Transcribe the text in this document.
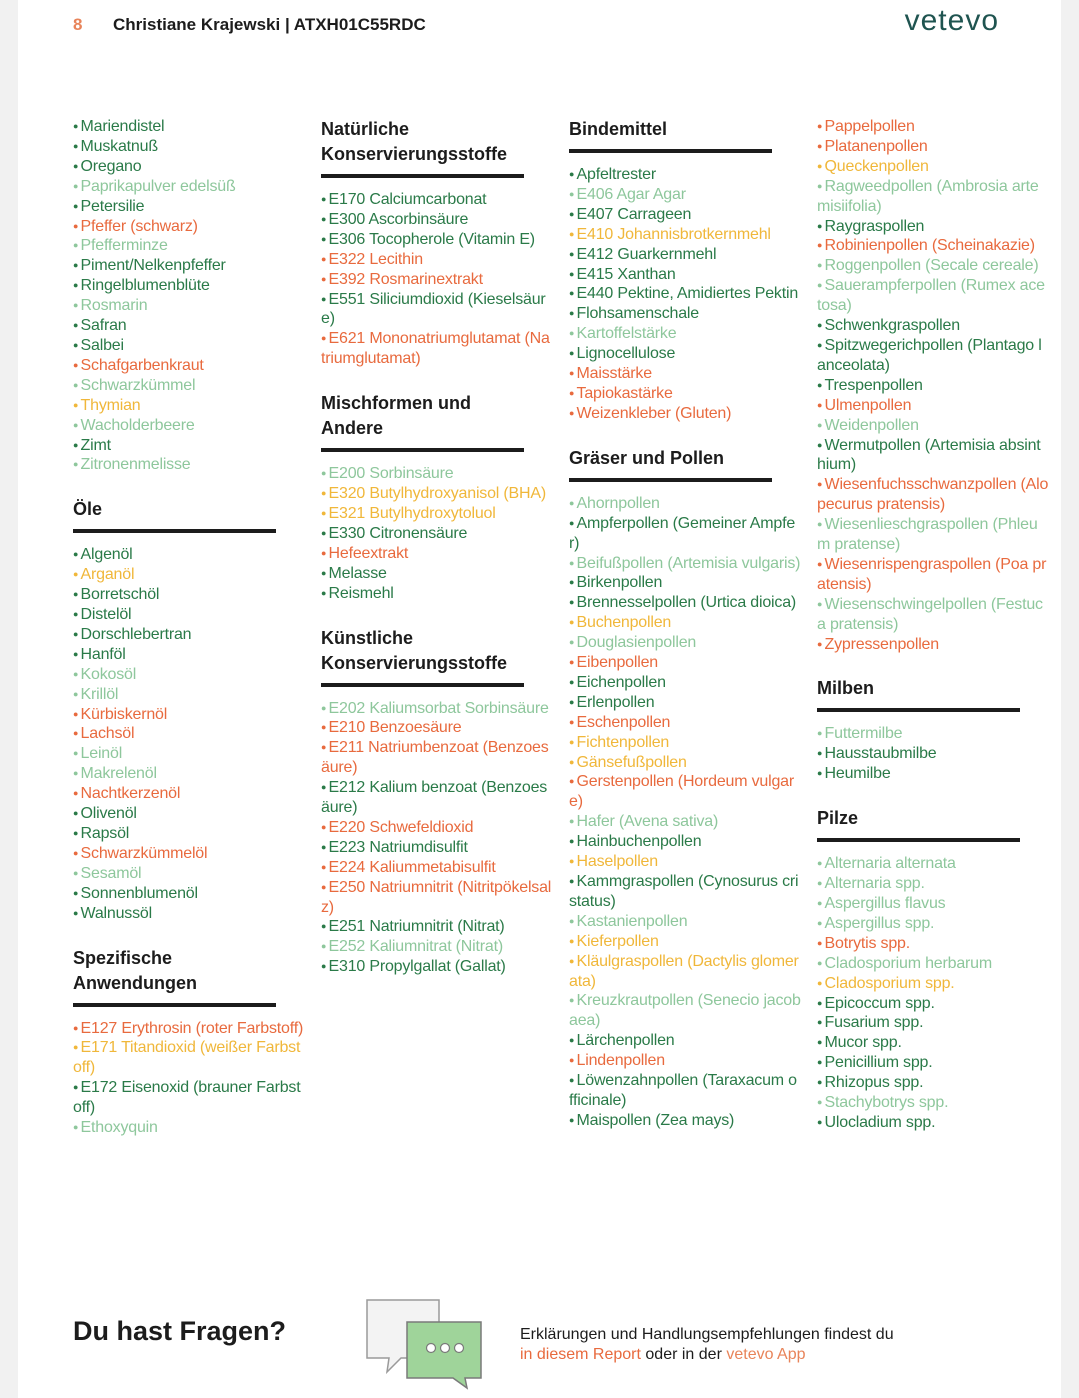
8 Christiane Krajewski | ATXH01C55RDC	vetevo
● Mariendistel
● Muskatnuß
● Oregano
● Paprikapulver edelsüß
● Petersilie
● Pfeffer (schwarz)
● Pfefferminze
● Piment/Nelkenpfeffer
● Ringelblumenblüte
● Rosmarin
● Safran
● Salbei
● Schafgarbenkraut
● Schwarzkümmel
● Thymian
● Wacholderbeere
● Zimt
● Zitronenmelisse
Öle
● Algenöl
● Arganöl
● Borretschöl
● Distelöl
● Dorschlebertran
● Hanföl
● Kokosöl
● Krillöl
● Kürbiskernöl
● Lachsöl
● Leinöl
● Makrelenöl
● Nachtkerzenöl
● Olivenöl
● Rapsöl
● Schwarzkümmelöl
● Sesamöl
● Sonnenblumenöl
● Walnussöl
Spezifische Anwendungen
● E127 Erythrosin (roter Farbstoff)
● E171 Titandioxid (weißer Farbstoff)
● E172 Eisenoxid (brauner Farbstoff)
● Ethoxyquin
Natürliche Konservierungsstoffe
● E170 Calciumcarbonat
● E300 Ascorbinsäure
● E306 Tocopherole (Vitamin E)
● E322 Lecithin
● E392 Rosmarinextrakt
● E551 Siliciumdioxid (Kieselsäure)
● E621 Mononatriumglutamat (Natriumglutamat)
Mischformen und Andere
● E200 Sorbinsäure
● E320 Butylhydroxyanisol (BHA)
● E321 Butylhydroxytoluol
● E330 Citronensäure
● Hefeextrakt
● Melasse
● Reismehl
Künstliche Konservierungsstoffe
● E202 Kaliumsorbat Sorbinsäure
● E210 Benzoesäure
● E211 Natriumbenzoat (Benzoesäure)
● E212 Kalium benzoat (Benzoesäure)
● E220 Schwefeldioxid
● E223 Natriumdisulfit
● E224 Kaliummetabisulfit
● E250 Natriumnitrit (Nitritpökelsalz)
● E251 Natriumnitrit (Nitrat)
● E252 Kaliumnitrat (Nitrat)
● E310 Propylgallat (Gallat)
Bindemittel
● Apfeltrester
● E406 Agar Agar
● E407 Carrageen
● E410 Johannisbrotkernmehl
● E412 Guarkernmehl
● E415 Xanthan
● E440 Pektine, Amidiertes Pektin
● Flohsamenschale
● Kartoffelstärke
● Lignocellulose
● Maisstärke
● Tapiokastärke
● Weizenkleber (Gluten)
Gräser und Pollen
● Ahornpollen
● Ampferpollen (Gemeiner Ampfer)
● Beifußpollen (Artemisia vulgaris)
● Birkenpollen
● Brennesselpollen (Urtica dioica)
● Buchenpollen
● Douglasienpollen
● Eibenpollen
● Eichenpollen
● Erlenpollen
● Eschenpollen
● Fichtenpollen
● Gänsefußpollen
● Gerstenpollen (Hordeum vulgare)
● Hafer (Avena sativa)
● Hainbuchenpollen
● Haselpollen
● Kammgraspollen (Cynosurus cristatus)
● Kastanienpollen
● Kieferpollen
● Kläulgraspollen (Dactylis glomerata)
● Kreuzkrautpollen (Senecio jacobaea)
● Lärchenpollen
● Lindenpollen
● Löwenzahnpollen (Taraxacum officinale)
● Maispollen (Zea mays)
● Pappelpollen
● Platanenpollen
● Queckenpollen
● Ragweedpollen (Ambrosia artemisiifolia)
● Raygraspollen
● Robinienpollen (Scheinakazie)
● Roggenpollen (Secale cereale)
● Sauerampferpollen (Rumex acetosa)
● Schwenkgraspollen
● Spitzwegerichpollen (Plantago lanceolata)
● Trespenpollen
● Ulmenpollen
● Weidenpollen
● Wermutpollen (Artemisia absinthium)
● Wiesenfuchsschwanzpollen (Alopecurus pratensis)
● Wiesenlieschgraspollen (Phleum pratense)
● Wiesenrispengraspollen (Poa pratensis)
● Wiesenschwingelpollen (Festuca pratensis)
● Zypressenpollen
Milben
● Futtermilbe
● Hausstaubmilbe
● Heumilbe
Pilze
● Alternaria alternata
● Alternaria spp.
● Aspergillus flavus
● Aspergillus spp.
● Botrytis spp.
● Cladosporium herbarum
● Cladosporium spp.
● Epicoccum spp.
● Fusarium spp.
● Mucor spp.
● Penicillium spp.
● Rhizopus spp.
● Stachybotrys spp.
● Ulocladium spp.
Du hast Fragen?	Erklärungen und Handlungsempfehlungen findest du
in diesem Report oder in der vetevo App
